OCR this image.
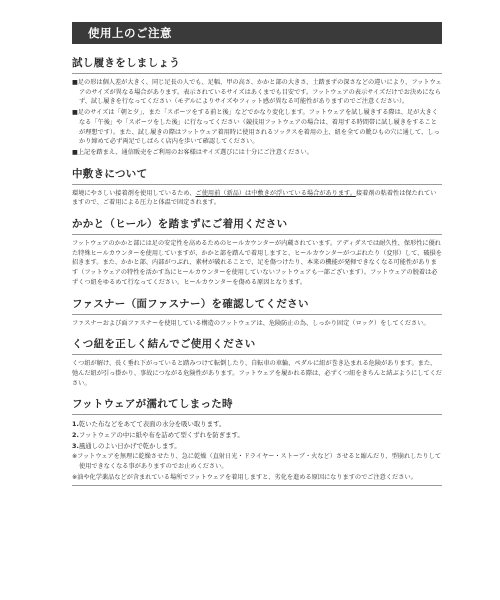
使用上のご注意
試し履きをしましょう

■足の形は個人差が大きく、同じ足長の人でも、足幅、甲の高さ、かかと部の大きさ、土踏まずの深さなどの違いにより、フットウェアのサイズが異なる場合があります。表示されているサイズはあくまでも目安です。フットウェアの表示サイズだけでお決めにならず、試し履きを行なってください（モデルによりサイズやフィット感が異なる可能性がありますのでご注意ください）。

■足のサイズは「朝と夕」、また「スポーツをする前と後」などでかなり変化します。フットウェアを試し履きする際は、足が大きくなる「午後」や「スポーツをした後」に行なってください（競技用フットウェアの場合は、着用する時間帯に試し履きをすることが理想です）。また、試し履きの際はフットウェア着用時に使用されるソックスを着用の上、紐を全ての靴ひもの穴に通して、しっかり締めて必ず両足でしばらく店内を歩いて確認してください。

■上記を踏まえ、通信販売をご利用のお客様はサイズ選びには十分にご注意ください。

中敷きについて

環境にやさしい接着剤を使用しているため、ご使用前（新品）は中敷きが浮いている場合があります。接着剤の粘着性は保たれていますので、ご着用による圧力と体温で固定されます。

かかと（ヒール）を踏まずにご着用ください

フットウェアのかかと部には足の安定性を高めるためのヒールカウンターが内蔵されています。アディダスでは耐久性、保形性に優れた特殊ヒールカウンターを使用していますが、かかと部を踏んで着用しますと、ヒールカウンターがつぶれたり（変形）して、破損を招きます。また、かかと部、内部がつぶれ、素材が破れることで、足を傷つけたり、本来の機能が発揮できなくなる可能性があります（フットウェアの特性を活かす為にヒールカウンターを使用していないフットウェアも一部ございます）。フットウェアの脱着は必ずくつ紐をゆるめて行なってください。ヒールカウンターを傷める原因となります。

ファスナー（面ファスナー）を確認してください

ファスナーおよび面ファスナーを使用している構造のフットウェアは、危険防止の為、しっかり固定（ロック）をしてください。

くつ紐を正しく結んでご使用ください

くつ紐が解け、長く垂れ下がっていると踏みつけて転倒したり、自転車の車輪、ペダルに紐が巻き込まれる危険があります。また、弛んだ紐が引っ掛かり、事故につながる危険性があります。フットウェアを履かれる際は、必ずくつ紐をきちんと結ぶようにしてください。

フットウェアが濡れてしまった時
1.乾いた布などをあてて表面の水分を吸い取ります。
2.フットウェアの中に紙や布を詰めて型くずれを防ぎます。
3.風通しのよい日かげで乾かします。

※フットウェアを無理に乾燥させたり、急に乾燥（直射日光・ドライヤー・ストーブ・火など）させると縮んだり、型崩れしたりして使用できなくなる事がありますのでお止めください。

※油や化学薬品などが含まれている場所でフットウェアを着用しますと、劣化を進める原因になりますのでご注意ください。
